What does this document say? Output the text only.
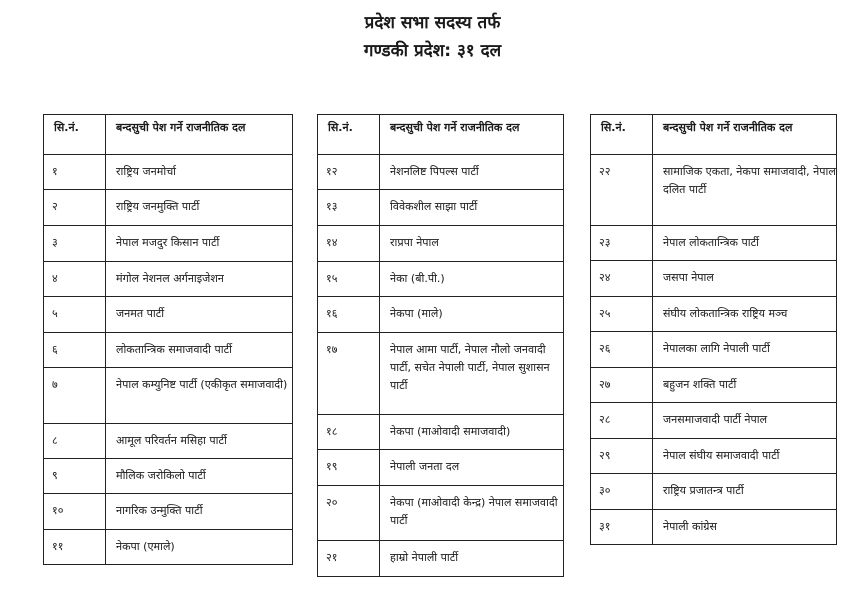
प्रदेश सभा सदस्य तर्फ
गण्डकी प्रदेश: ३१ दल
सि.नं.	बन्दसुची पेश गर्ने राजनीतिक दल
१	राष्ट्रिय जनमोर्चा
२	राष्ट्रिय जनमुक्ति पार्टी
३	नेपाल मजदुर किसान पार्टी
४	मंगोल नेशनल अर्गनाइजेशन
५	जनमत पार्टी
६	लोकतान्त्रिक समाजवादी पार्टी
७	नेपाल कम्युनिष्ट पार्टी (एकीकृत समाजवादी)
८	आमूल परिवर्तन मसिहा पार्टी
९	मौलिक जरोकिलो पार्टी
१०	नागरिक उन्मुक्ति पार्टी
११	नेकपा (एमाले)
सि.नं.	बन्दसुची पेश गर्ने राजनीतिक दल
१२	नेशनलिष्ट पिपल्स पार्टी
१३	विवेकशील साझा पार्टी
१४	राप्रपा नेपाल
१५	नेका (बी.पी.)
१६	नेकपा (माले)
१७	नेपाल आमा पार्टी, नेपाल नौलो जनवादी पार्टी, सचेत नेपाली पार्टी, नेपाल सुशासन पार्टी
१८	नेकपा (माओवादी समाजवादी)
१९	नेपाली जनता दल
२०	नेकपा (माओवादी केन्द्र) नेपाल समाजवादी पार्टी
२१	हाम्रो नेपाली पार्टी
सि.नं.	बन्दसुची पेश गर्ने राजनीतिक दल
२२	सामाजिक एकता, नेकपा समाजवादी, नेपाल दलित पार्टी
२३	नेपाल लोकतान्त्रिक पार्टी
२४	जसपा नेपाल
२५	संघीय लोकतान्त्रिक राष्ट्रिय मञ्च
२६	नेपालका लागि नेपाली पार्टी
२७	बहुजन शक्ति पार्टी
२८	जनसमाजवादी पार्टी नेपाल
२९	नेपाल संघीय समाजवादी पार्टी
३०	राष्ट्रिय प्रजातन्त्र पार्टी
३१	नेपाली कांग्रेस
